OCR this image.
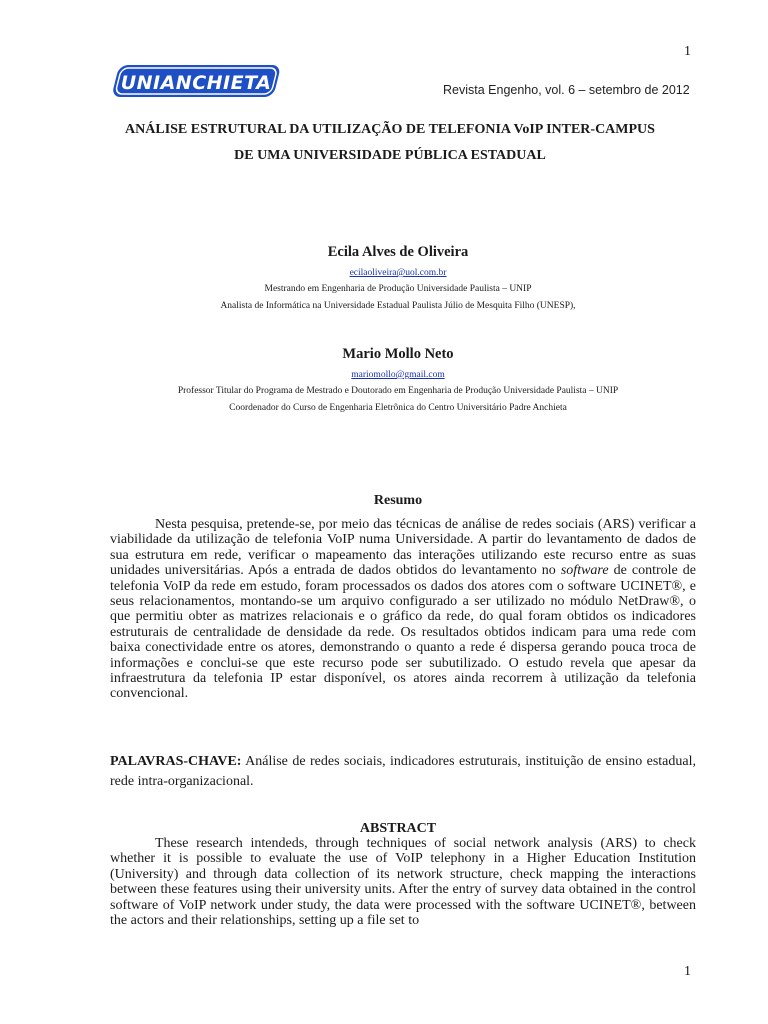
1
UNIANCHIETA	Revista Engenho, vol. 6 – setembro de 2012
ANÁLISE ESTRUTURAL DA UTILIZAÇÃO DE TELEFONIA VoIP INTER-CAMPUS DE UMA UNIVERSIDADE PÚBLICA ESTADUAL
Ecila Alves de Oliveira
ecilaoliveira@uol.com.br
Mestrando em Engenharia de Produção Universidade Paulista – UNIP
Analista de Informática na Universidade Estadual Paulista Júlio de Mesquita Filho (UNESP),
Mario Mollo Neto
mariomollo@gmail.com
Professor Titular do Programa de Mestrado e Doutorado em Engenharia de Produção Universidade Paulista – UNIP
Coordenador do Curso de Engenharia Eletrônica do Centro Universitário Padre Anchieta
Resumo

Nesta pesquisa, pretende-se, por meio das técnicas de análise de redes sociais (ARS) verificar a viabilidade da utilização de telefonia VoIP numa Universidade. A partir do levantamento de dados de sua estrutura em rede, verificar o mapeamento das interações utilizando este recurso entre as suas unidades universitárias. Após a entrada de dados obtidos do levantamento no software de controle de telefonia VoIP da rede em estudo, foram processados os dados dos atores com o software UCINET®, e seus relacionamentos, montando-se um arquivo configurado a ser utilizado no módulo NetDraw®, o que permitiu obter as matrizes relacionais e o gráfico da rede, do qual foram obtidos os indicadores estruturais de centralidade de densidade da rede. Os resultados obtidos indicam para uma rede com baixa conectividade entre os atores, demonstrando o quanto a rede é dispersa gerando pouca troca de informações e conclui-se que este recurso pode ser subutilizado. O estudo revela que apesar da infraestrutura da telefonia IP estar disponível, os atores ainda recorrem à utilização da telefonia convencional.

PALAVRAS-CHAVE: Análise de redes sociais, indicadores estruturais, instituição de ensino estadual, rede intra-organizacional.

ABSTRACT

These research intendeds, through techniques of social network analysis (ARS) to check whether it is possible to evaluate the use of VoIP telephony in a Higher Education Institution (University) and through data collection of its network structure, check mapping the interactions between these features using their university units. After the entry of survey data obtained in the control software of VoIP network under study, the data were processed with the software UCINET®, between the actors and their relationships, setting up a file set to

1
